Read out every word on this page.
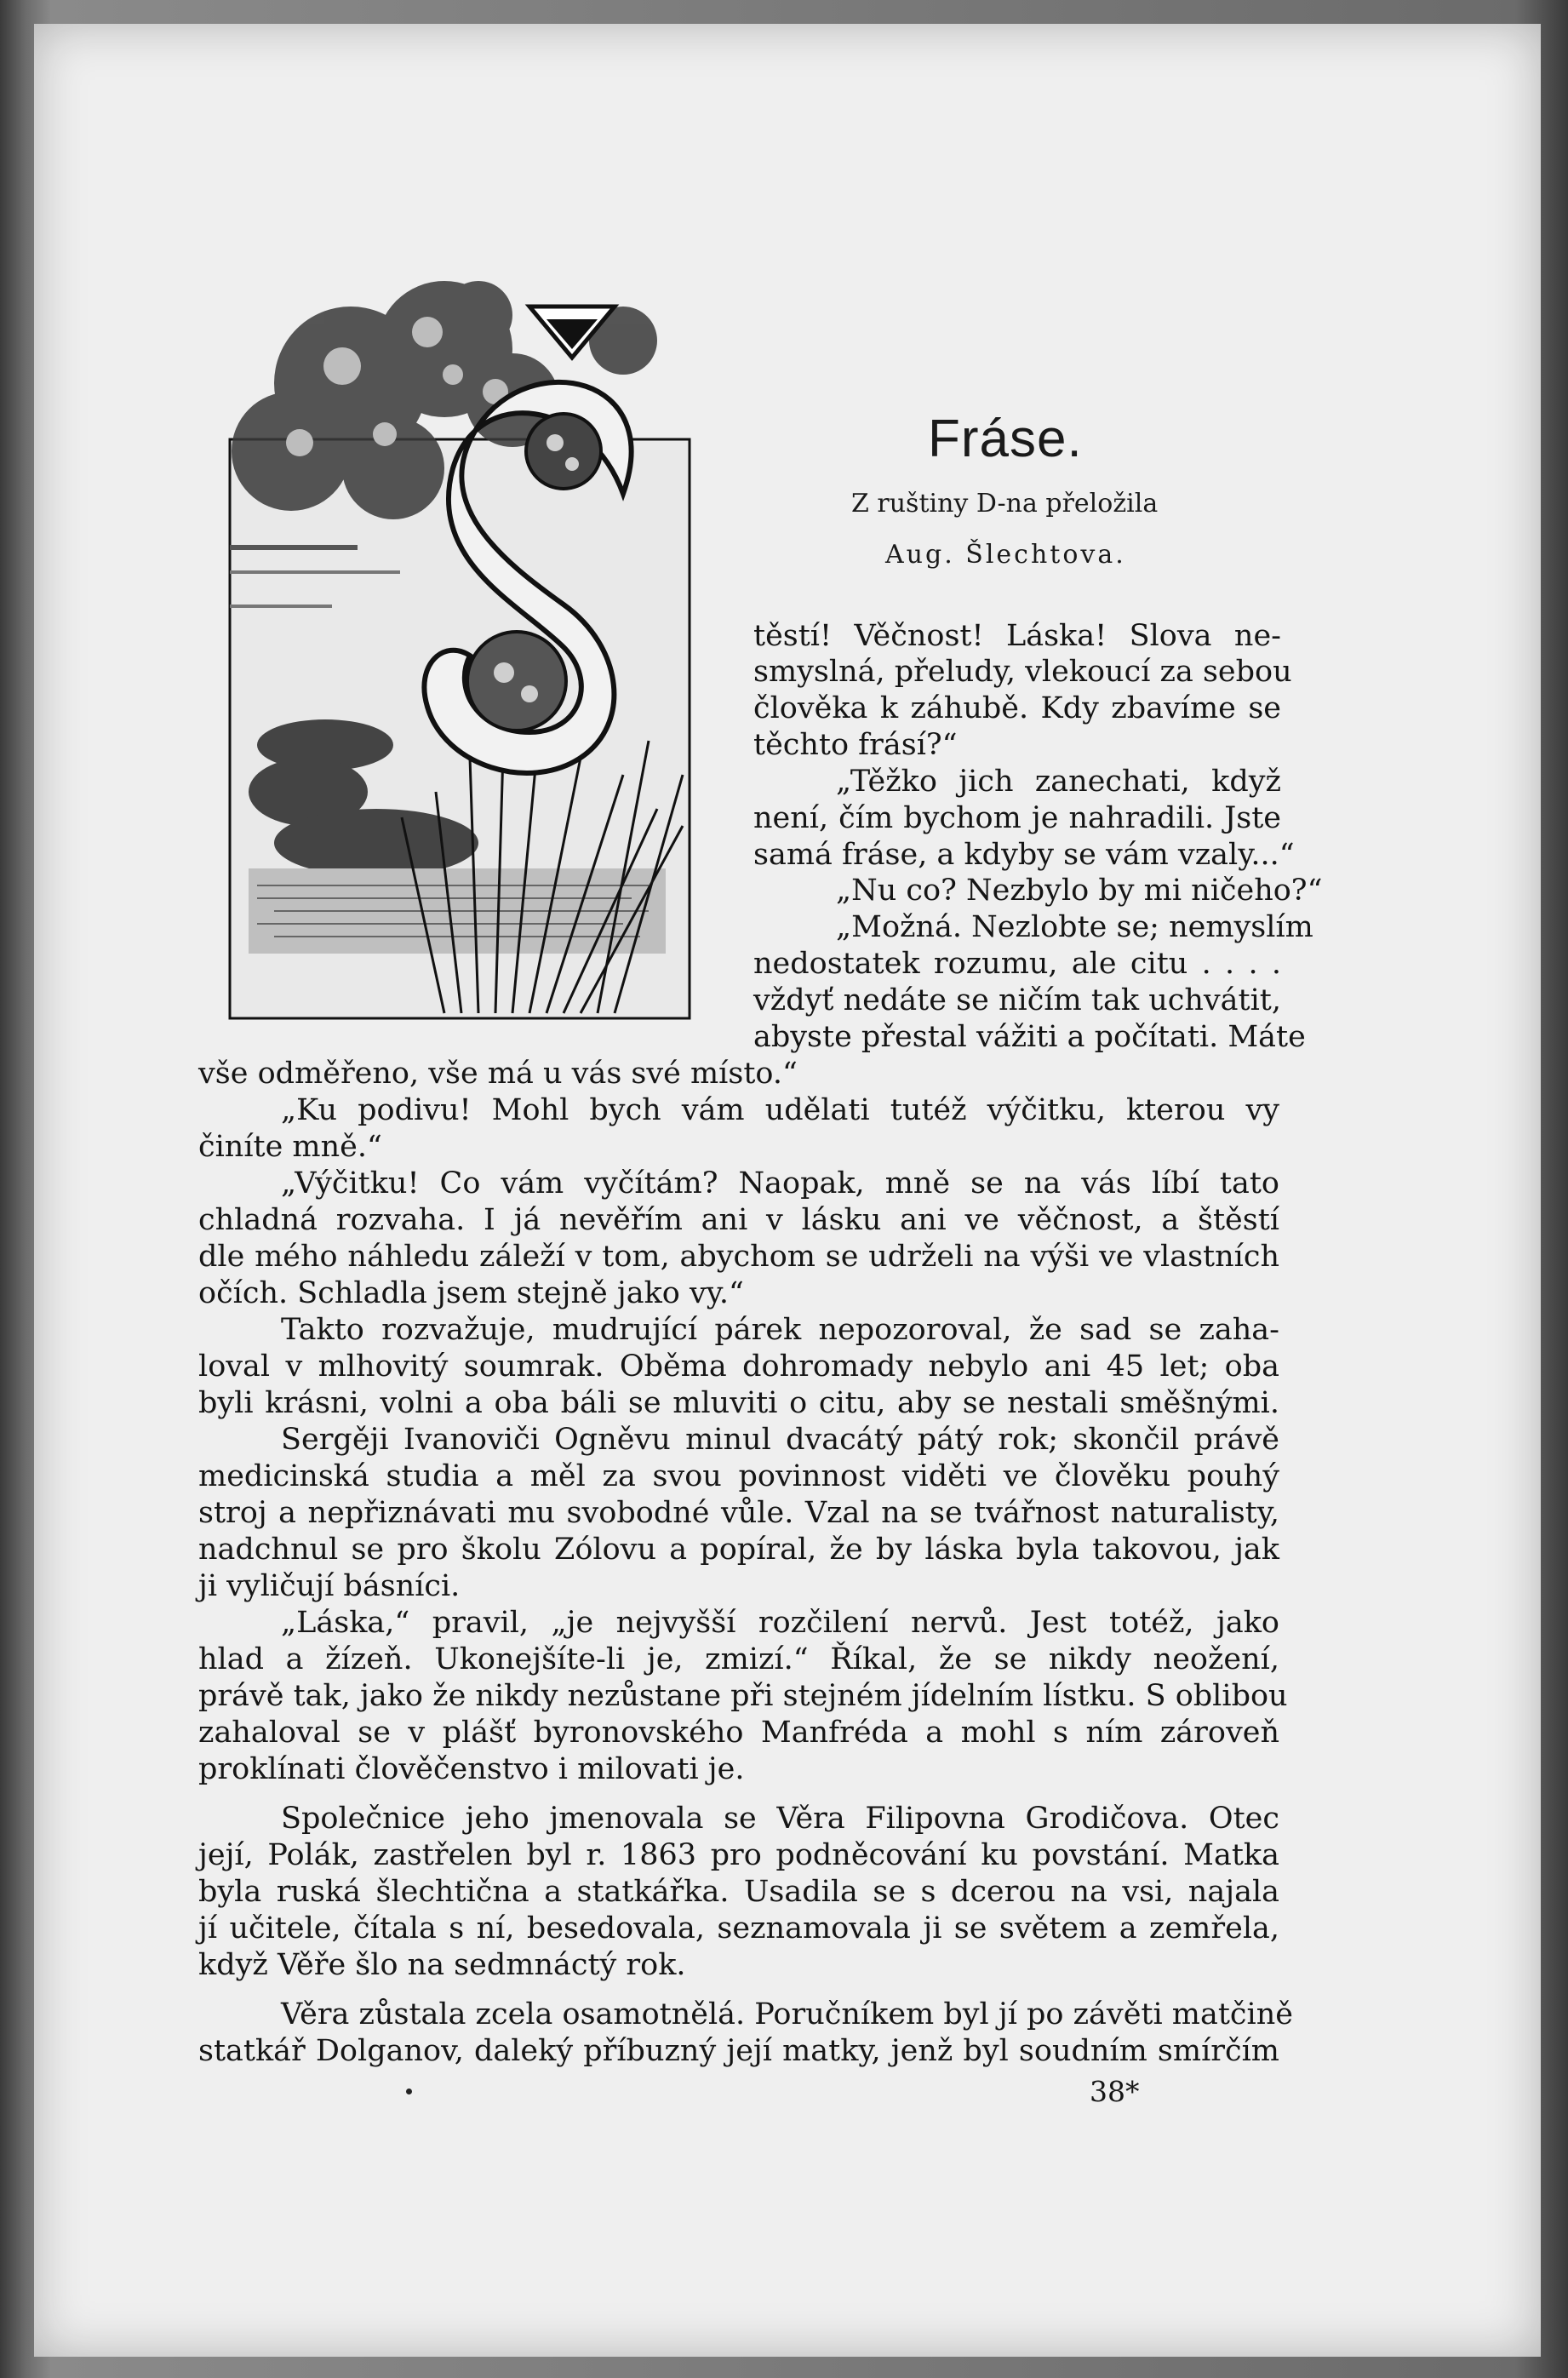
Fráse.
Z ruštiny D-na přeložila
Aug. Šlechtova.
těstí! Věčnost! Láska! Slova ne-
smyslná, přeludy, vlekoucí za sebou
člověka k záhubě. Kdy zbavíme se
těchto frásí?“
„Těžko jich zanechati, když
není, čím bychom je nahradili. Jste
samá fráse, a kdyby se vám vzaly...“
„Nu co? Nezbylo by mi ničeho?“
„Možná. Nezlobte se; nemyslím
nedostatek rozumu, ale citu . . . .
vždyť nedáte se ničím tak uchvátit,
abyste přestal vážiti a počítati. Máte
vše odměřeno, vše má u vás své místo.“
„Ku podivu! Mohl bych vám udělati tutéž výčitku, kterou vy
činíte mně.“
„Výčitku! Co vám vyčítám? Naopak, mně se na vás líbí tato
chladná rozvaha. I já nevěřím ani v lásku ani ve věčnost, a štěstí
dle mého náhledu záleží v tom, abychom se udrželi na výši ve vlastních
očích. Schladla jsem stejně jako vy.“
Takto rozvažuje, mudrující párek nepozoroval, že sad se zaha-
loval v mlhovitý soumrak. Oběma dohromady nebylo ani 45 let; oba
byli krásni, volni a oba báli se mluviti o citu, aby se nestali směšnými.
Sergěji Ivanoviči Ogněvu minul dvacátý pátý rok; skončil právě
medicinská studia a měl za svou povinnost viděti ve člověku pouhý
stroj a nepřiznávati mu svobodné vůle. Vzal na se tvářnost naturalisty,
nadchnul se pro školu Zólovu a popíral, že by láska byla takovou, jak
ji vyličují básníci.
„Láska,“ pravil, „je nejvyšší rozčilení nervů. Jest totéž, jako
hlad a žízeň. Ukonejšíte-li je, zmizí.“ Říkal, že se nikdy neožení,
právě tak, jako že nikdy nezůstane při stejném jídelním lístku. S oblibou
zahaloval se v plášť byronovského Manfréda a mohl s ním zároveň
proklínati člověčenstvo i milovati je.
Společnice jeho jmenovala se Věra Filipovna Grodičova. Otec
její, Polák, zastřelen byl r. 1863 pro podněcování ku povstání. Matka
byla ruská šlechtična a statkářka. Usadila se s dcerou na vsi, najala
jí učitele, čítala s ní, besedovala, seznamovala ji se světem a zemřela,
když Věře šlo na sedmnáctý rok.
Věra zůstala zcela osamotnělá. Poručníkem byl jí po závěti matčině
statkář Dolganov, daleký příbuzný její matky, jenž byl soudním smírčím
38*
